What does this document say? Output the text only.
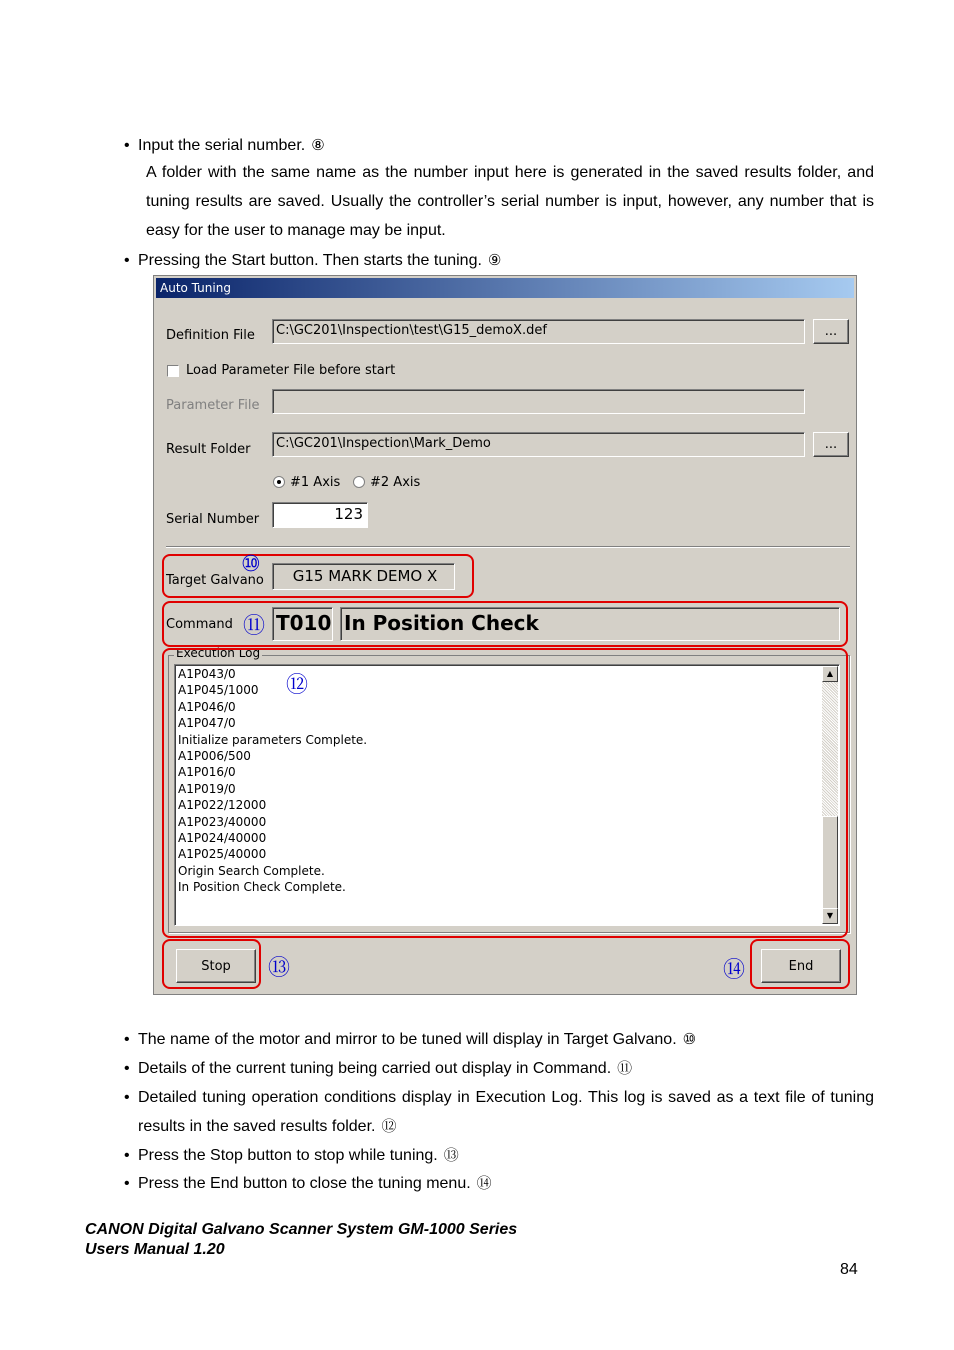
• Input the serial number. ⑧
A folder with the same name as the number input here is generated in the saved results folder, and tuning results are saved. Usually the controller’s serial number is input, however, any number that is easy for the user to manage may be input.
• Pressing the Start button. Then starts the tuning. ⑨
Auto Tuning
Definition File	C:\GC201\Inspection\test\G15_demoX.def	...
Load Parameter File before start
Parameter File
Result Folder	C:\GC201\Inspection\Mark_Demo	...
#1 Axis #2 Axis
Serial Number	123
Target Galvano	G15 MARK DEMO X
Command T010 In Position Check
Execution Log
A1P043/0
A1P045/1000
A1P046/0
A1P047/0
Initialize parameters Complete.
A1P006/500
A1P016/0
A1P019/0
A1P022/12000
A1P023/40000
A1P024/40000
A1P025/40000
Origin Search Complete.
In Position Check Complete.
▲
▼
Stop	End
⑩
⑪
⑫
⑬	⑭
• The name of the motor and mirror to be tuned will display in Target Galvano. ⑩
• Details of the current tuning being carried out display in Command. ⑪
• Detailed tuning operation conditions display in Execution Log. This log is saved as a text file of tuning results in the saved results folder. ⑫
• Press the Stop button to stop while tuning. ⑬
• Press the End button to close the tuning menu. ⑭
CANON Digital Galvano Scanner System GM-1000 Series
Users Manual 1.20
84
